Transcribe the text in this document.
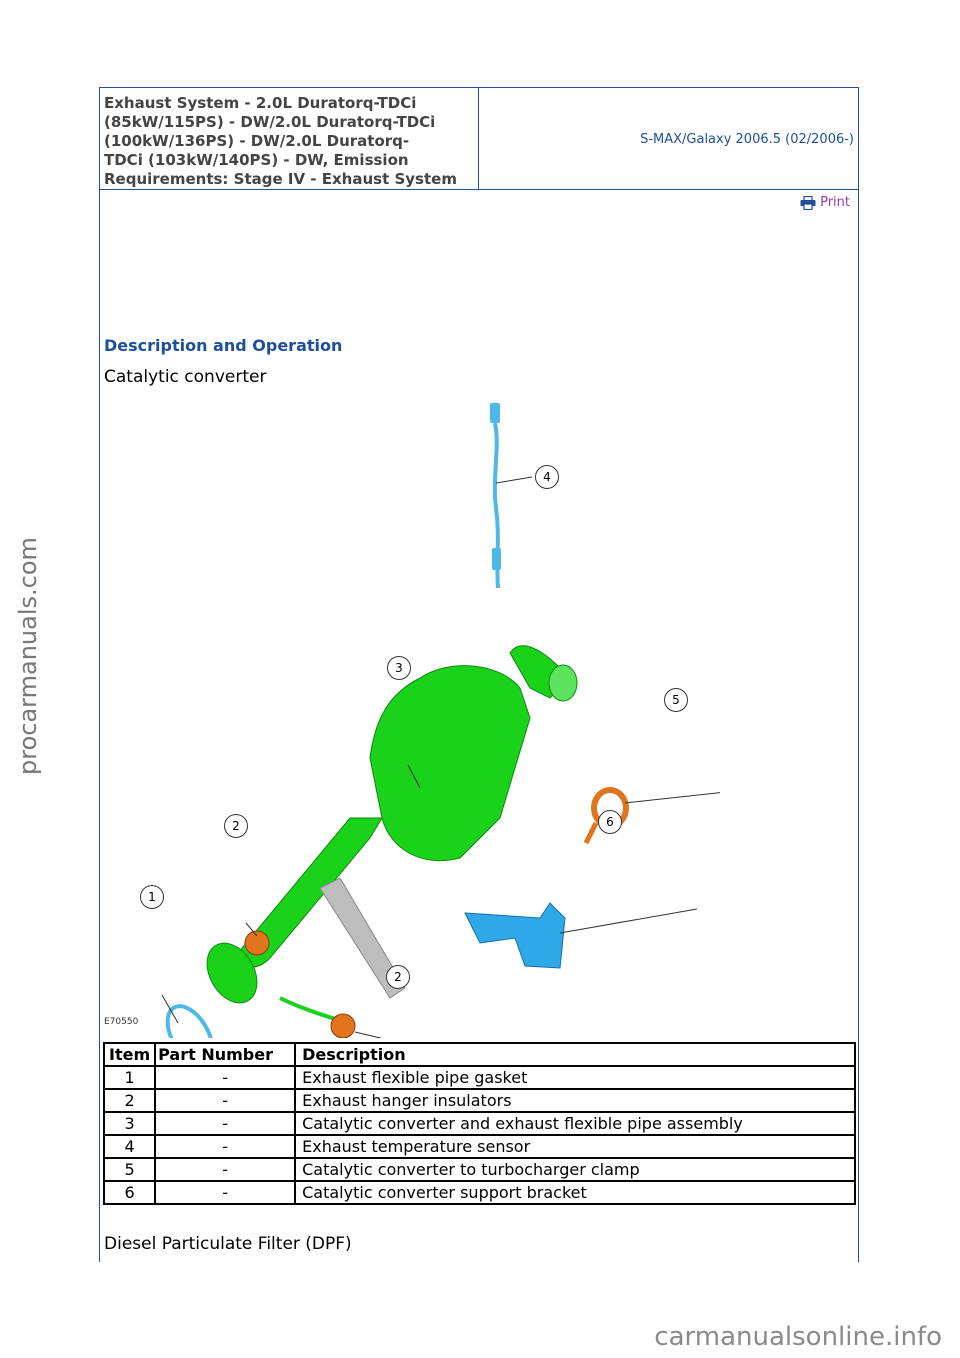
Exhaust System - 2.0L Duratorq-TDCi
(85kW/115PS) - DW/2.0L Duratorq-TDCi
(100kW/136PS) - DW/2.0L Duratorq-
TDCi (103kW/140PS) - DW, Emission
Requirements: Stage IV - Exhaust System
S-MAX/Galaxy 2006.5 (02/2006-)
Print
Description and Operation
Catalytic converter
1
2
2
3
4
5
6
E70550
Item	Part Number	Description
1	-	Exhaust flexible pipe gasket
2	-	Exhaust hanger insulators
3	-	Catalytic converter and exhaust flexible pipe assembly
4	-	Exhaust temperature sensor
5	-	Catalytic converter to turbocharger clamp
6	-	Catalytic converter support bracket
Diesel Particulate Filter (DPF)
procarmanuals.com
carmanualsonline.info
